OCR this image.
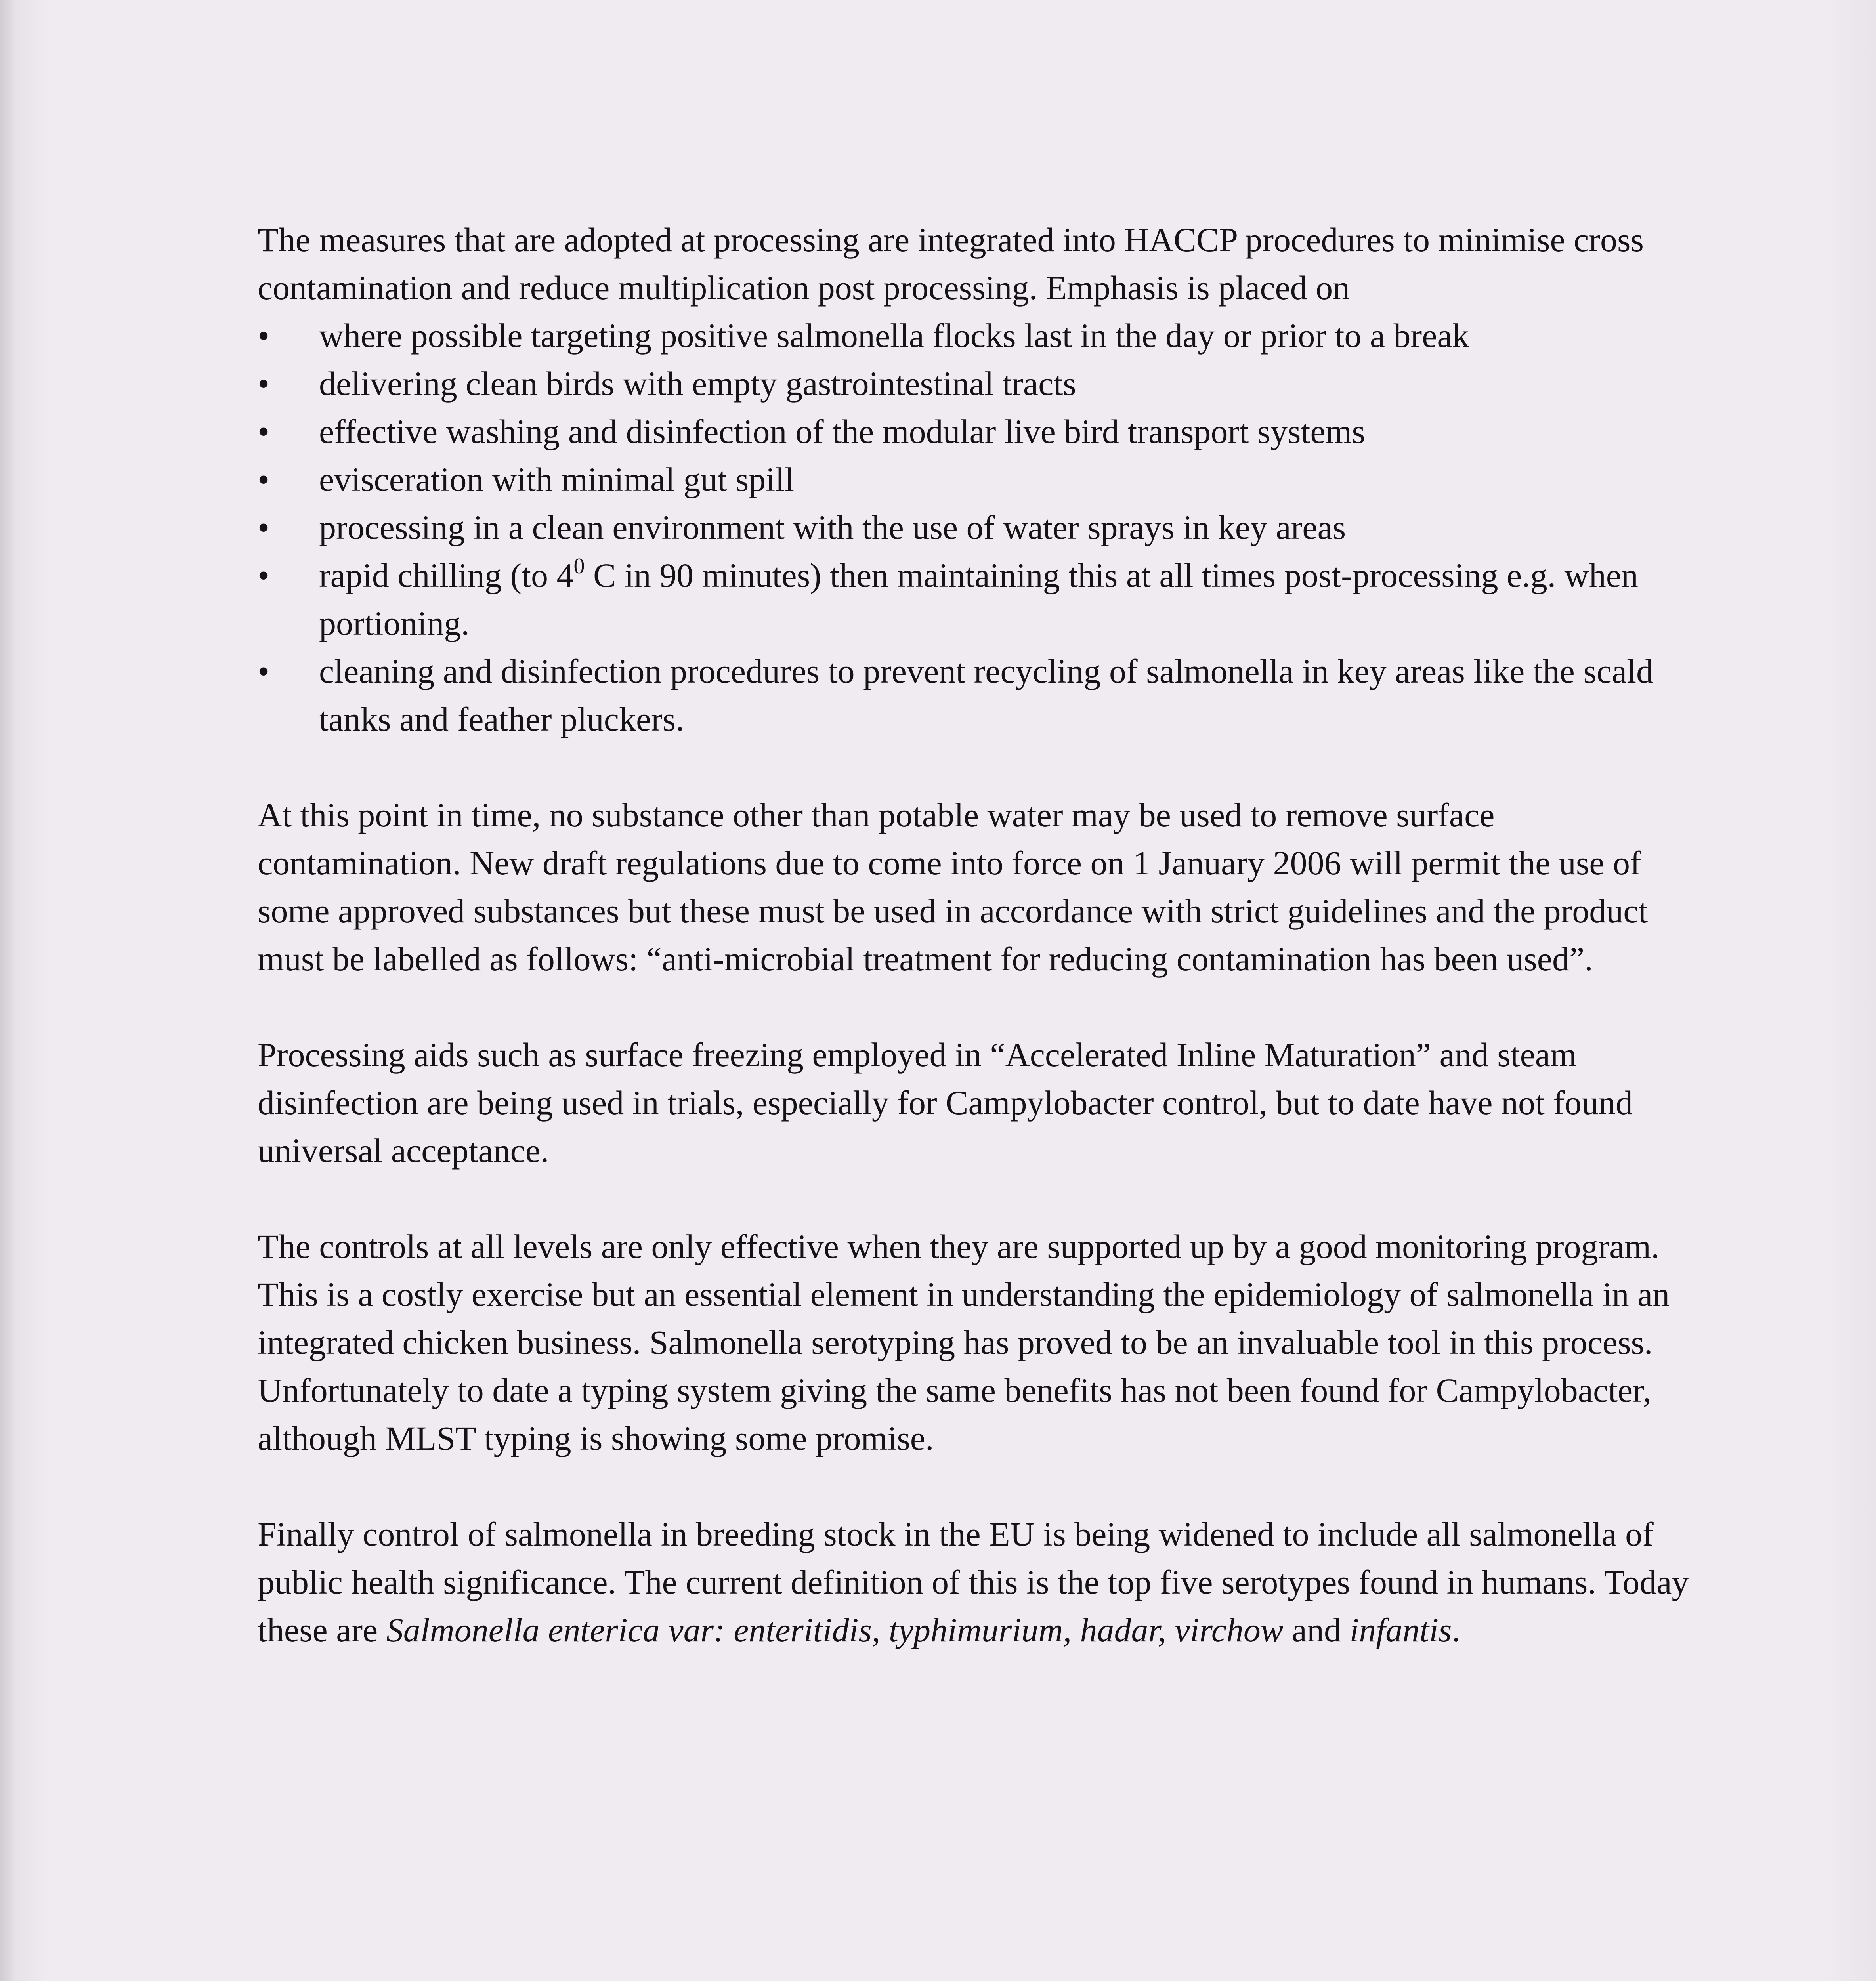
The measures that are adopted at processing are integrated into HACCP procedures to minimise cross contamination and reduce multiplication post processing. Emphasis is placed on

• where possible targeting positive salmonella flocks last in the day or prior to a break
• delivering clean birds with empty gastrointestinal tracts
• effective washing and disinfection of the modular live bird transport systems
• evisceration with minimal gut spill
• processing in a clean environment with the use of water sprays in key areas
• rapid chilling (to $4^0$ C in 90 minutes) then maintaining this at all times post-processing e.g. when portioning.
• cleaning and disinfection procedures to prevent recycling of salmonella in key areas like the scald tanks and feather pluckers.

At this point in time, no substance other than potable water may be used to remove surface contamination. New draft regulations due to come into force on 1 January 2006 will permit the use of some approved substances but these must be used in accordance with strict guidelines and the product must be labelled as follows: “anti-microbial treatment for reducing contamination has been used”.

Processing aids such as surface freezing employed in “Accelerated Inline Maturation” and steam disinfection are being used in trials, especially for Campylobacter control, but to date have not found universal acceptance.

The controls at all levels are only effective when they are supported up by a good monitoring program. This is a costly exercise but an essential element in understanding the epidemiology of salmonella in an integrated chicken business. Salmonella serotyping has proved to be an invaluable tool in this process. Unfortunately to date a typing system giving the same benefits has not been found for Campylobacter, although MLST typing is showing some promise.

Finally control of salmonella in breeding stock in the EU is being widened to include all salmonella of public health significance. The current definition of this is the top five serotypes found in humans. Today these are Salmonella enterica var: enteritidis, typhimurium, hadar, virchow and infantis.
